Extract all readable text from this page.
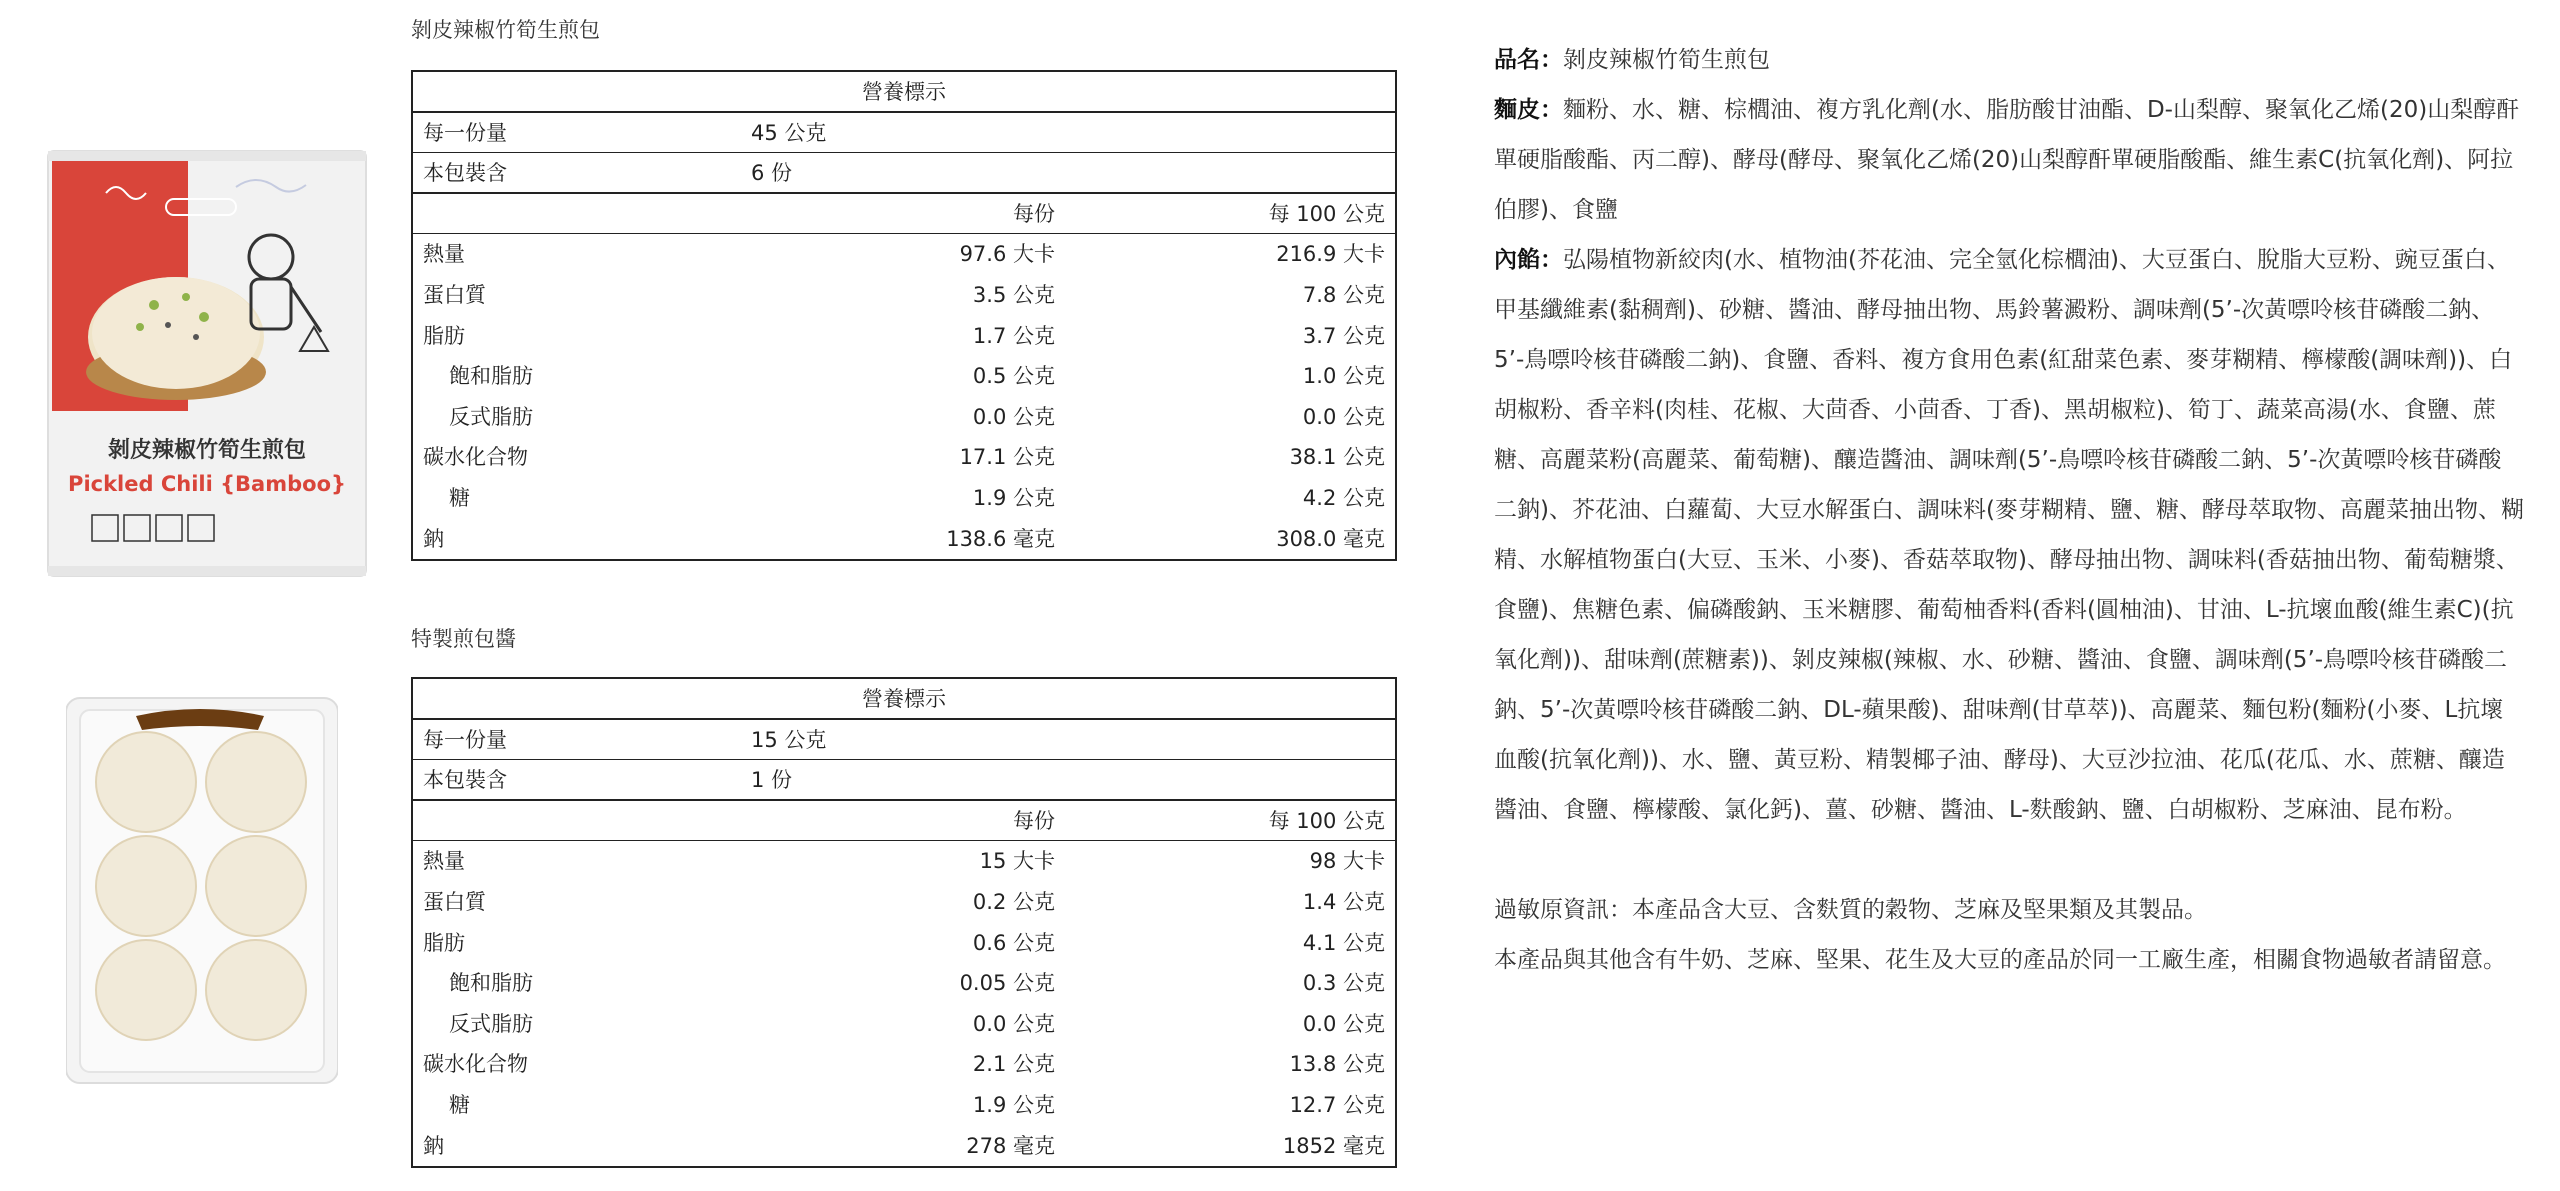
剝皮辣椒竹筍生煎包
Pickled Chili {Bamboo}
剝皮辣椒竹筍生煎包
營養標示
每一份量	45 公克
本包裝含	6 份
每份	每 100 公克
熱量	97.6 大卡	216.9 大卡
蛋白質	3.5 公克	7.8 公克
脂肪	1.7 公克	3.7 公克
飽和脂肪	0.5 公克	1.0 公克
反式脂肪	0.0 公克	0.0 公克
碳水化合物	17.1 公克	38.1 公克
糖	1.9 公克	4.2 公克
鈉	138.6 毫克	308.0 毫克
特製煎包醬
營養標示
每一份量	15 公克
本包裝含	1 份
每份	每 100 公克
熱量	15 大卡	98 大卡
蛋白質	0.2 公克	1.4 公克
脂肪	0.6 公克	4.1 公克
飽和脂肪	0.05 公克	0.3 公克
反式脂肪	0.0 公克	0.0 公克
碳水化合物	2.1 公克	13.8 公克
糖	1.9 公克	12.7 公克
鈉	278 毫克	1852 毫克

品名：剝皮辣椒竹筍生煎包

麵皮：麵粉、水、糖、棕櫚油、複方乳化劑(水、脂肪酸甘油酯、D-山梨醇、聚氧化乙烯(20)山梨醇酐單硬脂酸酯、丙二醇)、酵母(酵母、聚氧化乙烯(20)山梨醇酐單硬脂酸酯、維生素C(抗氧化劑)、阿拉伯膠)、食鹽

內餡：弘陽植物新絞肉(水、植物油(芥花油、完全氫化棕櫚油)、大豆蛋白、脫脂大豆粉、豌豆蛋白、甲基纖維素(黏稠劑)、砂糖、醬油、酵母抽出物、馬鈴薯澱粉、調味劑(5’-次黃嘌呤核苷磷酸二鈉、5’-鳥嘌呤核苷磷酸二鈉)、食鹽、香料、複方食用色素(紅甜菜色素、麥芽糊精、檸檬酸(調味劑))、白胡椒粉、香辛料(肉桂、花椒、大茴香、小茴香、丁香)、黑胡椒粒)、筍丁、蔬菜高湯(水、食鹽、蔗糖、高麗菜粉(高麗菜、葡萄糖)、釀造醬油、調味劑(5’-鳥嘌呤核苷磷酸二鈉、5’-次黃嘌呤核苷磷酸二鈉)、芥花油、白蘿蔔、大豆水解蛋白、調味料(麥芽糊精、鹽、糖、酵母萃取物、高麗菜抽出物、糊精、水解植物蛋白(大豆、玉米、小麥)、香菇萃取物)、酵母抽出物、調味料(香菇抽出物、葡萄糖漿、食鹽)、焦糖色素、偏磷酸鈉、玉米糖膠、葡萄柚香料(香料(圓柚油)、甘油、L-抗壞血酸(維生素C)(抗氧化劑))、甜味劑(蔗糖素))、剝皮辣椒(辣椒、水、砂糖、醬油、食鹽、調味劑(5’-鳥嘌呤核苷磷酸二鈉、5’-次黃嘌呤核苷磷酸二鈉、DL-蘋果酸)、甜味劑(甘草萃))、高麗菜、麵包粉(麵粉(小麥、L抗壞血酸(抗氧化劑))、水、鹽、黃豆粉、精製椰子油、酵母)、大豆沙拉油、花瓜(花瓜、水、蔗糖、釀造醬油、食鹽、檸檬酸、氯化鈣)、薑、砂糖、醬油、L-麩酸鈉、鹽、白胡椒粉、芝麻油、昆布粉。

過敏原資訊：本產品含大豆、含麩質的穀物、芝麻及堅果類及其製品。

本產品與其他含有牛奶、芝麻、堅果、花生及大豆的產品於同一工廠生產，相關食物過敏者請留意。
